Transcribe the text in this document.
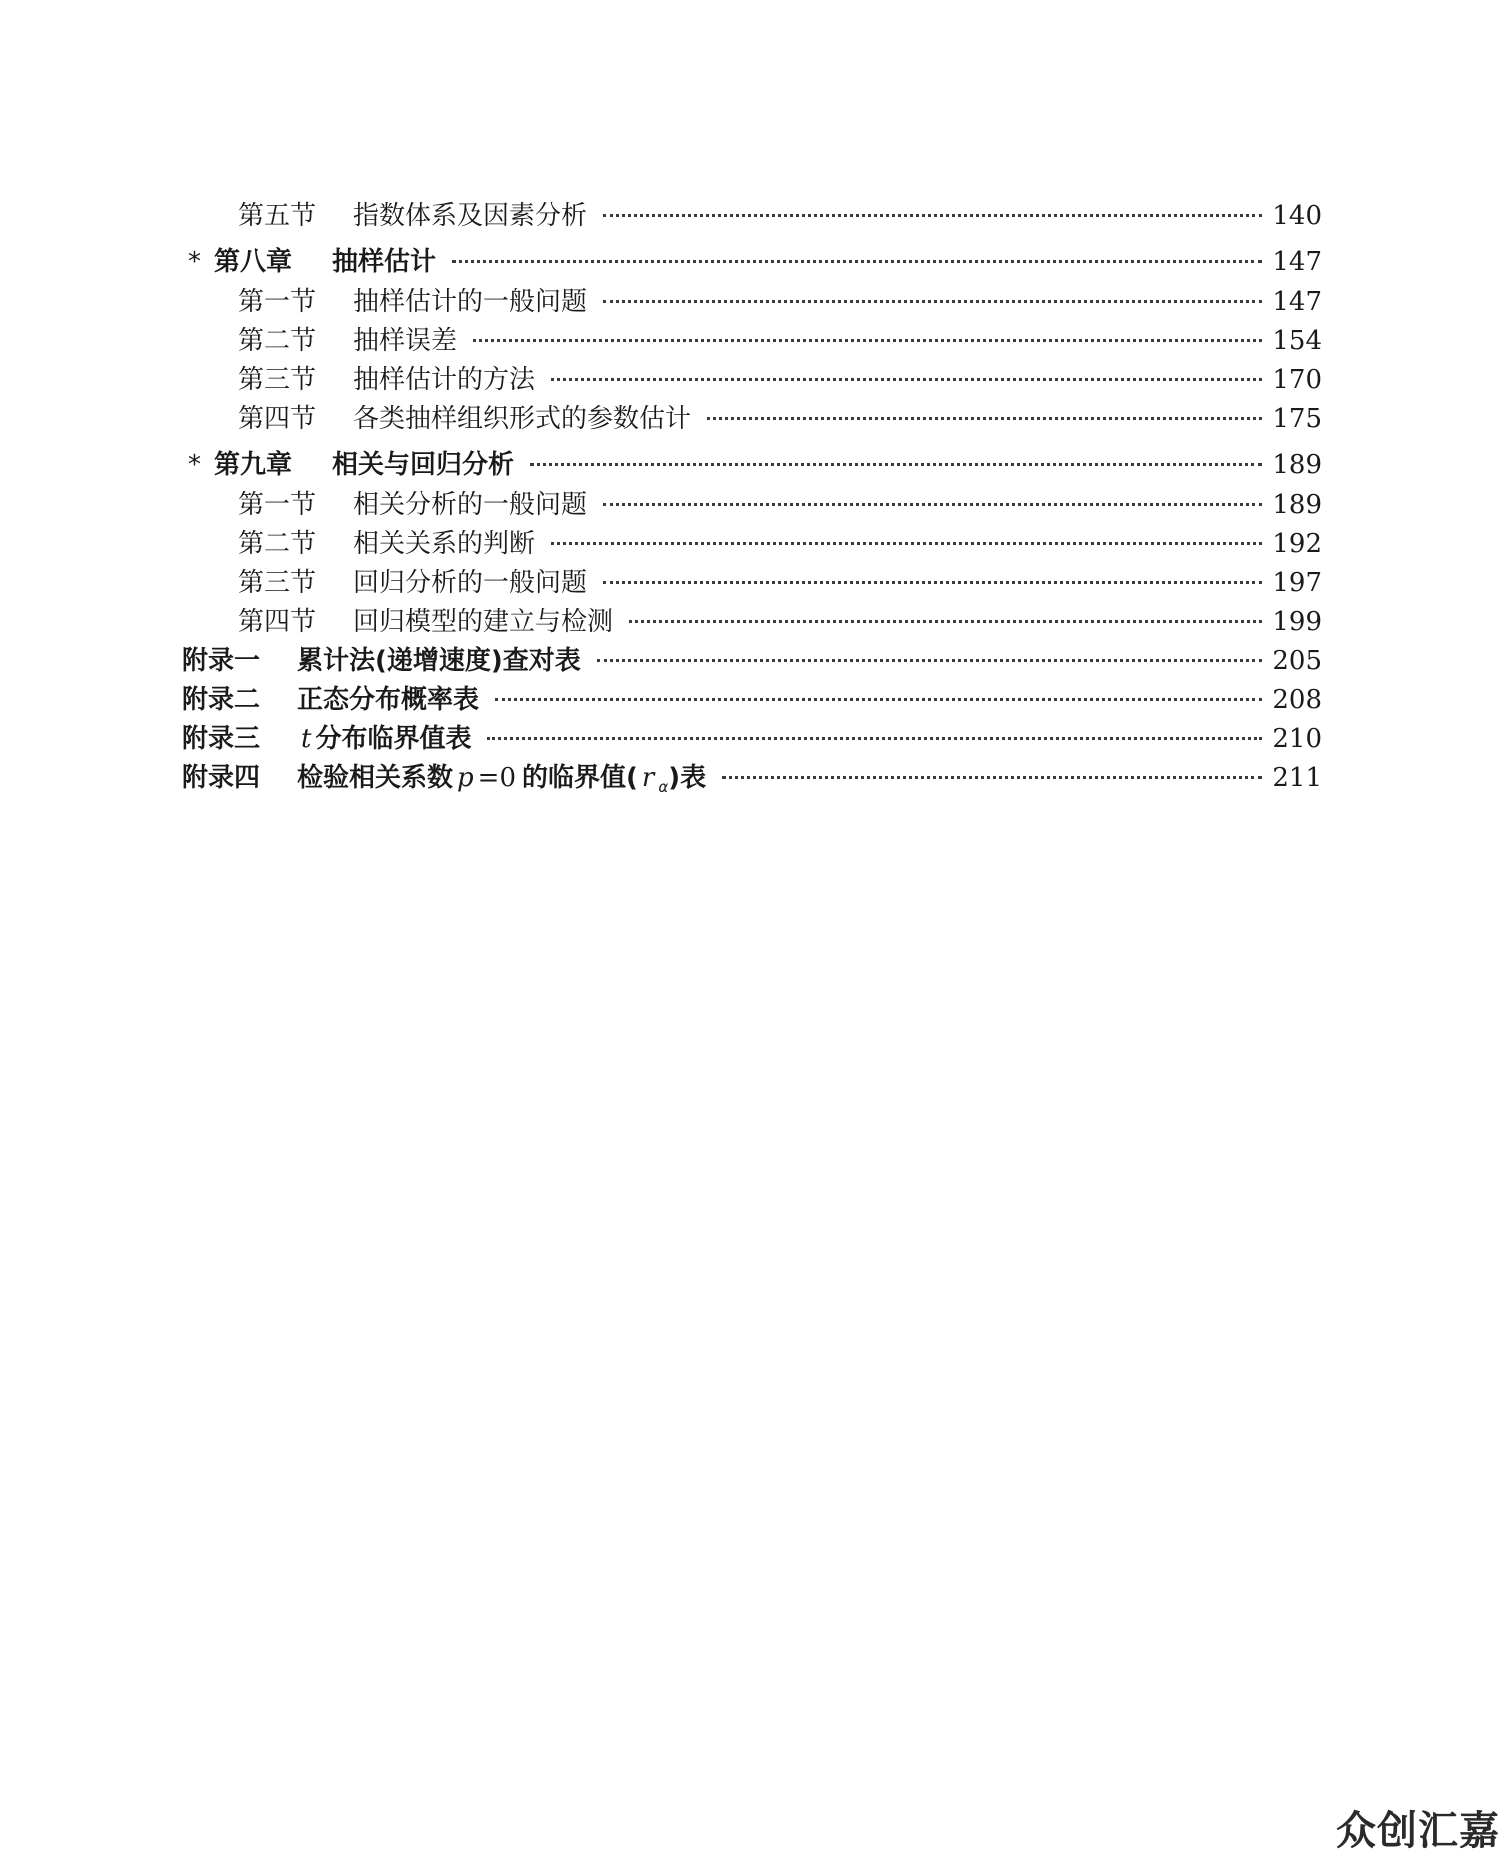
第五节	指数体系及因素分析	140
* 第八章	抽样估计	147
第一节	抽样估计的一般问题	147
第二节	抽样误差	154
第三节	抽样估计的方法	170
第四节	各类抽样组织形式的参数估计	175
* 第九章	相关与回归分析	189
第一节	相关分析的一般问题	189
第二节	相关关系的判断	192
第三节	回归分析的一般问题	197
第四节	回归模型的建立与检测	199
附录一	累计法(递增速度)查对表	205
附录二	正态分布概率表	208
附录三	t 分布临界值表	210
附录四	检验相关系数 p =0 的临界值( r $_\alpha$)表	211
众创汇嘉
